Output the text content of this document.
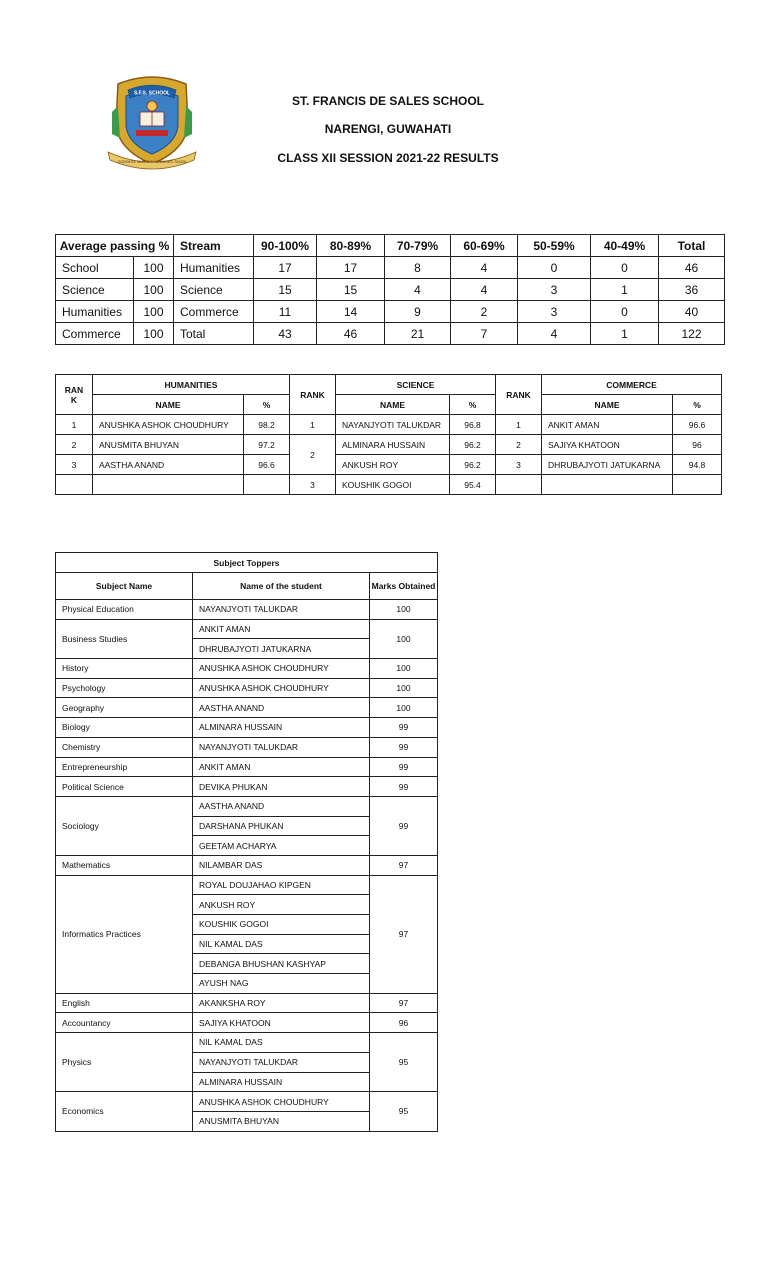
S.F.S. SCHOOL
GODDESS NARENGI GUWAHATI 781026
ST. FRANCIS DE SALES SCHOOL
NARENGI, GUWAHATI
CLASS XII SESSION 2021-22 RESULTS
Average passing %		Stream	90-100%	80-89%	70-79%	60-69%	50-59%	40-49%	Total
School	100	Humanities	17	17	8	4	0	0	46
Science	100	Science	15	15	4	4	3	1	36
Humanities	100	Commerce	11	14	9	2	3	0	40
Commerce	100	Total	43	46	21	7	4	1	122
RAN
K	HUMANITIES		RANK	SCIENCE		RANK	COMMERCE	
	NAME	%		NAME	%		NAME	%
1	ANUSHKA ASHOK CHOUDHURY	98.2	1	NAYANJYOTI TALUKDAR	96.8	1	ANKIT AMAN	96.6
2	ANUSMITA BHUYAN	97.2	2	ALMINARA HUSSAIN	96.2	2	SAJIYA KHATOON	96
3	AASTHA ANAND	96.6		ANKUSH ROY	96.2	3	DHRUBAJYOTI JATUKARNA	94.8
			3	KOUSHIK GOGOI	95.4			
Subject Toppers		
Subject Name	Name of the student	Marks Obtained
Physical Education	NAYANJYOTI TALUKDAR	100
Business Studies	ANKIT AMAN	100
	DHRUBAJYOTI JATUKARNA	
History	ANUSHKA ASHOK CHOUDHURY	100
Psychology	ANUSHKA ASHOK CHOUDHURY	100
Geography	AASTHA ANAND	100
Biology	ALMINARA HUSSAIN	99
Chemistry	NAYANJYOTI TALUKDAR	99
Entrepreneurship	ANKIT AMAN	99
Political Science	DEVIKA PHUKAN	99
Sociology	AASTHA ANAND	99
	DARSHANA PHUKAN	
	GEETAM ACHARYA	
Mathematics	NILAMBAR DAS	97
Informatics Practices	ROYAL DOUJAHAO KIPGEN	97
	ANKUSH ROY	
	KOUSHIK GOGOI	
	NIL KAMAL DAS	
	DEBANGA BHUSHAN KASHYAP	
	AYUSH NAG	
English	AKANKSHA ROY	97
Accountancy	SAJIYA KHATOON	96
Physics	NIL KAMAL DAS	95
	NAYANJYOTI TALUKDAR	
	ALMINARA HUSSAIN	
Economics	ANUSHKA ASHOK CHOUDHURY	95
	ANUSMITA BHUYAN	
